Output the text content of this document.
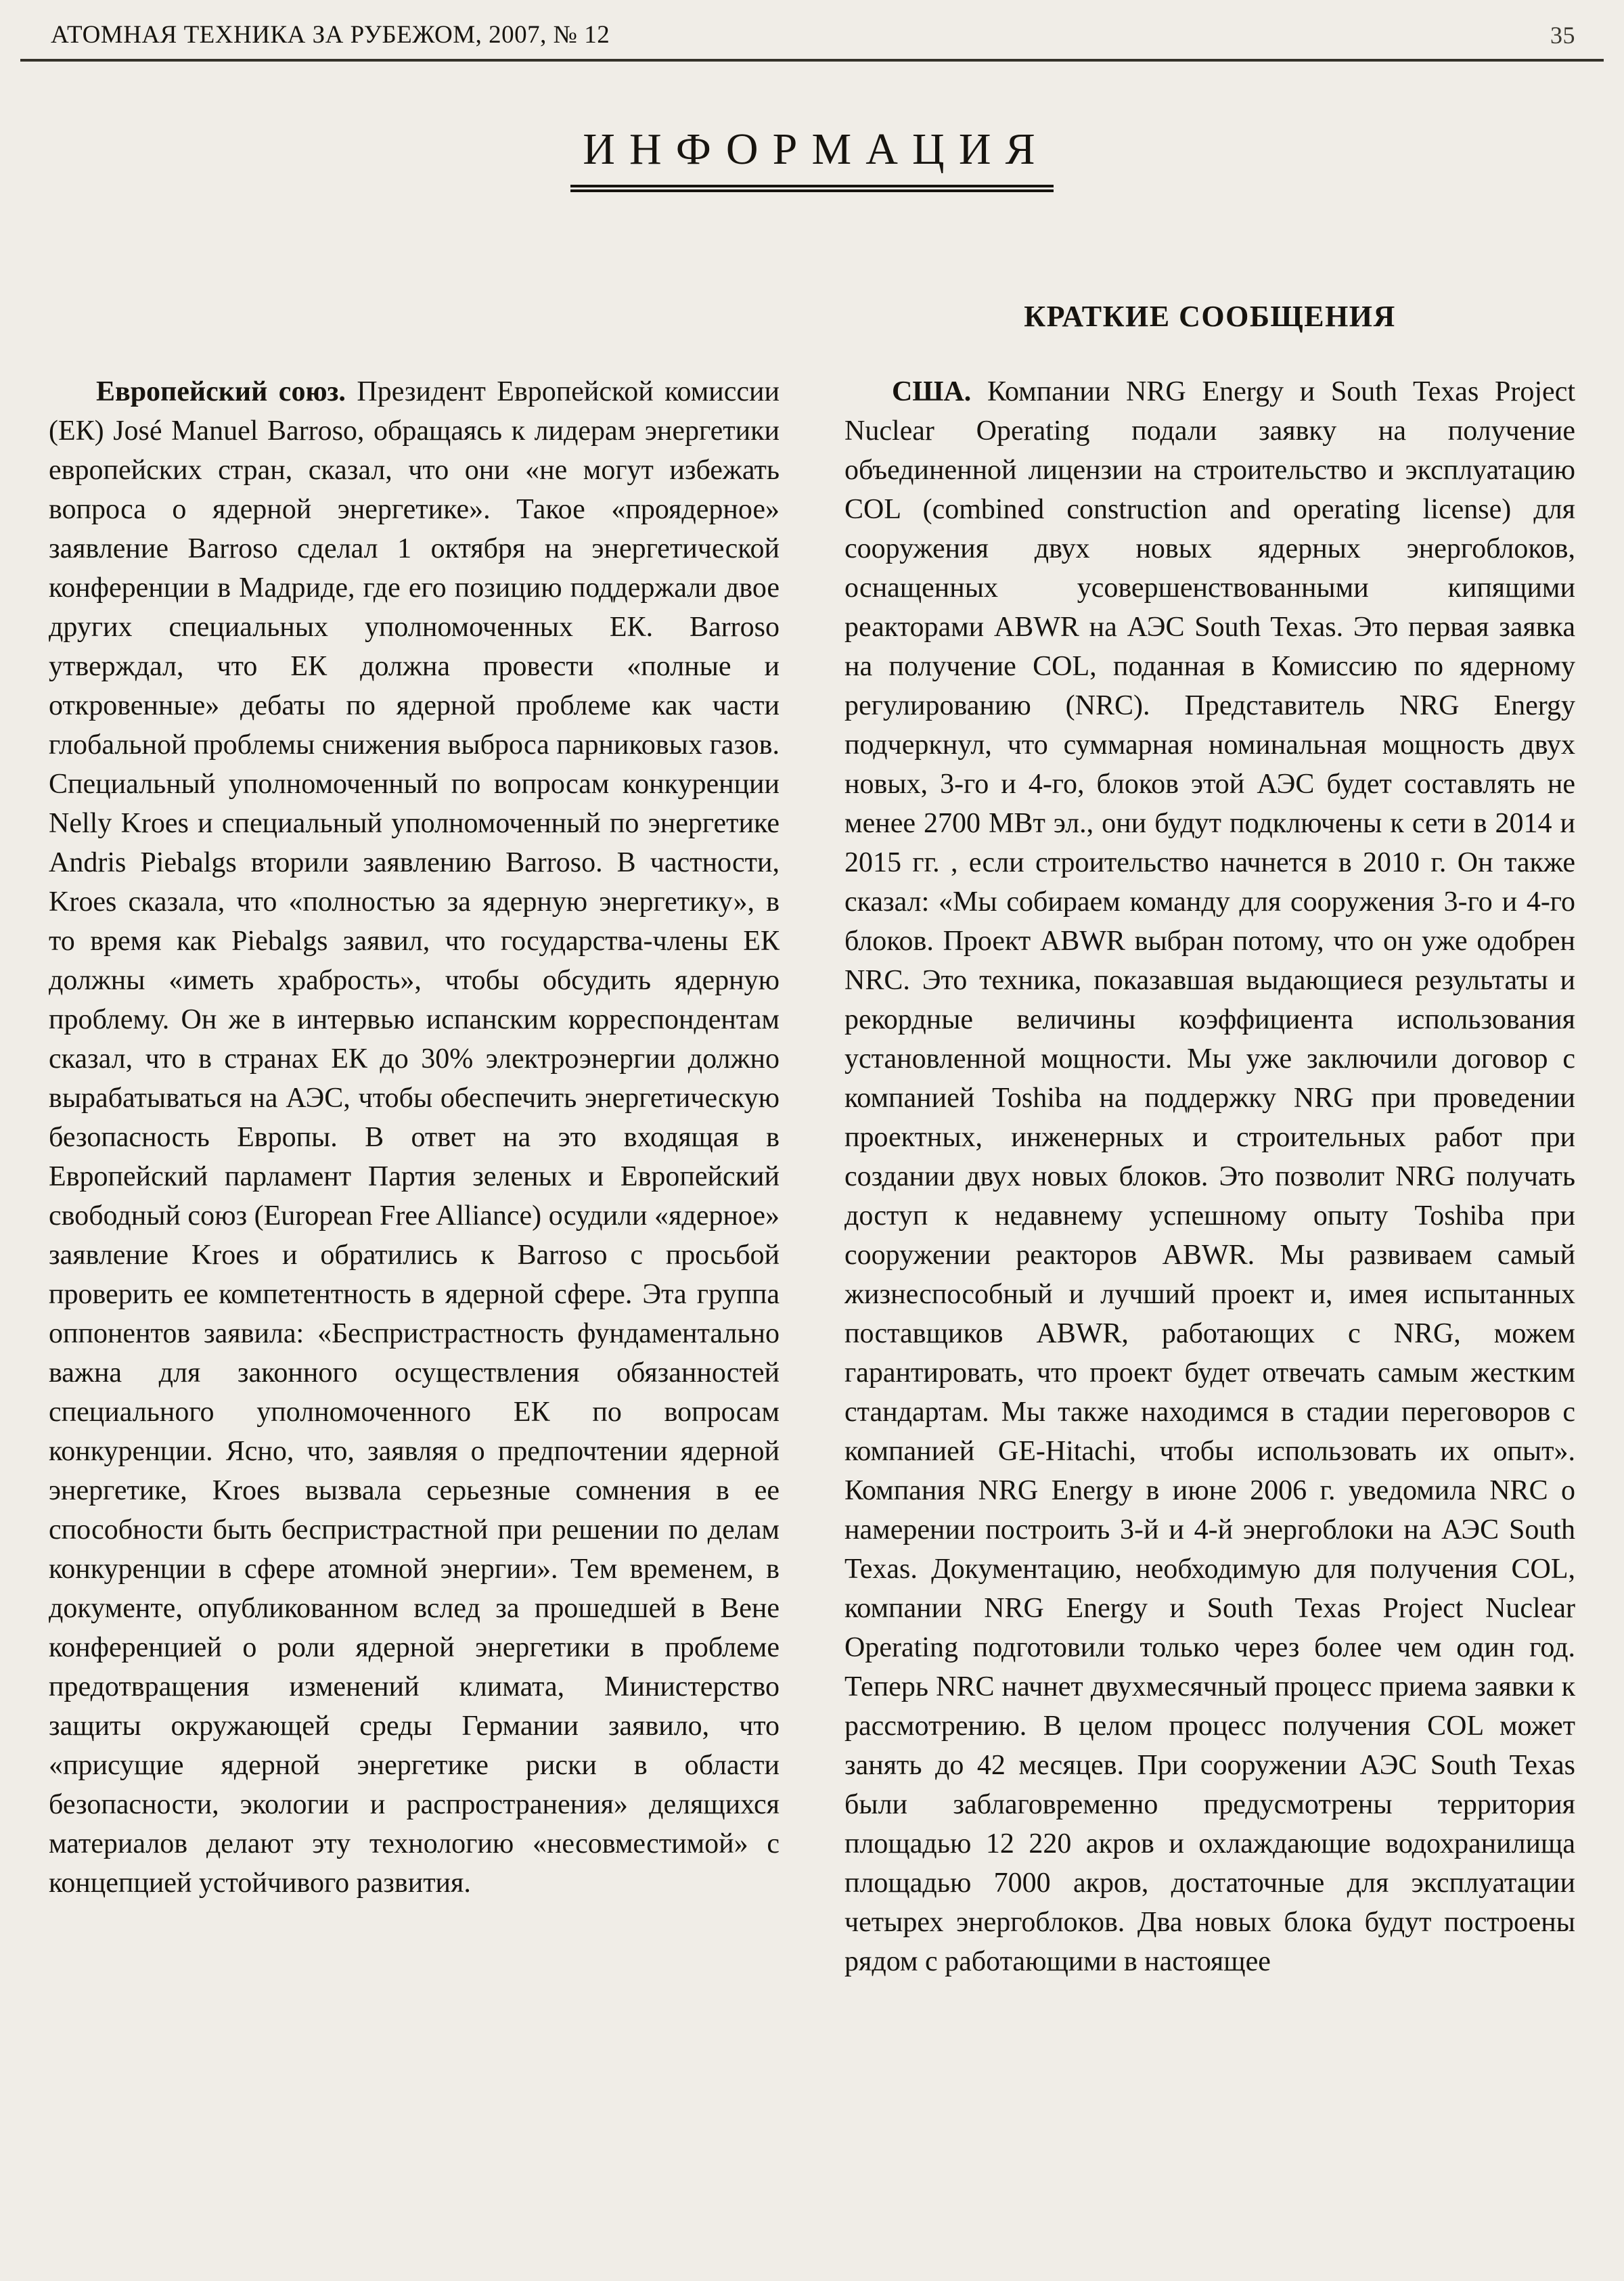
АТОМНАЯ ТЕХНИКА ЗА РУБЕЖОМ, 2007, № 12	35
ИНФОРМАЦИЯ

Европейский союз. Президент Европейской комиссии (ЕК) José Manuel Barroso, обращаясь к лидерам энергетики европейских стран, сказал, что они «не могут избежать вопроса о ядерной энергетике». Такое «проядерное» заявление Barroso сделал 1 октября на энергетической конференции в Мадриде, где его позицию поддержали двое других специальных уполномоченных ЕК. Barroso утверждал, что ЕК должна провести «полные и откровенные» дебаты по ядерной проблеме как части глобальной проблемы снижения выброса парниковых газов. Специальный уполномоченный по вопросам конкуренции Nelly Kroes и специальный уполномоченный по энергетике Andris Piebalgs вторили заявлению Barroso. В частности, Kroes сказала, что «полностью за ядерную энергетику», в то время как Piebalgs заявил, что государства-члены ЕК должны «иметь храбрость», чтобы обсудить ядерную проблему. Он же в интервью испанским корреспондентам сказал, что в странах ЕК до 30% электроэнергии должно вырабатываться на АЭС, чтобы обеспечить энергетическую безопасность Европы. В ответ на это входящая в Европейский парламент Партия зеленых и Европейский свободный союз (European Free Alliance) осудили «ядерное» заявление Kroes и обратились к Barroso с просьбой проверить ее компетентность в ядерной сфере. Эта группа оппонентов заявила: «Беспристрастность фундаментально важна для законного осуществления обязанностей специального уполномоченного ЕК по вопросам конкуренции. Ясно, что, заявляя о предпочтении ядерной энергетике, Kroes вызвала серьезные сомнения в ее способности быть беспристрастной при решении по делам конкуренции в сфере атомной энергии». Тем временем, в документе, опубликованном вслед за прошедшей в Вене конференцией о роли ядерной энергетики в проблеме предотвращения изменений климата, Министерство защиты окружающей среды Германии заявило, что «присущие ядерной энергетике риски в области безопасности, экологии и распространения» делящихся материалов делают эту технологию «несовместимой» с концепцией устойчивого развития.

КРАТКИЕ СООБЩЕНИЯ

США. Компании NRG Energy и South Texas Project Nuclear Operating подали заявку на получение объединенной лицензии на строительство и эксплуатацию COL (combined construction and operating license) для сооружения двух новых ядерных энергоблоков, оснащенных усовершенствованными кипящими реакторами ABWR на АЭС South Texas. Это первая заявка на получение COL, поданная в Комиссию по ядерному регулированию (NRC). Представитель NRG Energy подчеркнул, что суммарная номинальная мощность двух новых, 3-го и 4-го, блоков этой АЭС будет составлять не менее 2700 МВт эл., они будут подключены к сети в 2014 и 2015 гг. , если строительство начнется в 2010 г. Он также сказал: «Мы собираем команду для сооружения 3-го и 4-го блоков. Проект ABWR выбран потому, что он уже одобрен NRC. Это техника, показавшая выдающиеся результаты и рекордные величины коэффициента использования установленной мощности. Мы уже заключили договор с компанией Toshiba на поддержку NRG при проведении проектных, инженерных и строительных работ при создании двух новых блоков. Это позволит NRG получать доступ к недавнему успешному опыту Toshiba при сооружении реакторов ABWR. Мы развиваем самый жизнеспособный и лучший проект и, имея испытанных поставщиков ABWR, работающих с NRG, можем гарантировать, что проект будет отвечать самым жестким стандартам. Мы также находимся в стадии переговоров с компанией GE-Hitachi, чтобы использовать их опыт». Компания NRG Energy в июне 2006 г. уведомила NRC о намерении построить 3-й и 4-й энергоблоки на АЭС South Texas. Документацию, необходимую для получения COL, компании NRG Energy и South Texas Project Nuclear Operating подготовили только через более чем один год. Теперь NRC начнет двухмесячный процесс приема заявки к рассмотрению. В целом процесс получения COL может занять до 42 месяцев. При сооружении АЭС South Texas были заблаговременно предусмотрены территория площадью 12 220 акров и охлаждающие водохранилища площадью 7000 акров, достаточные для эксплуатации четырех энергоблоков. Два новых блока будут построены рядом с работающими в настоящее
